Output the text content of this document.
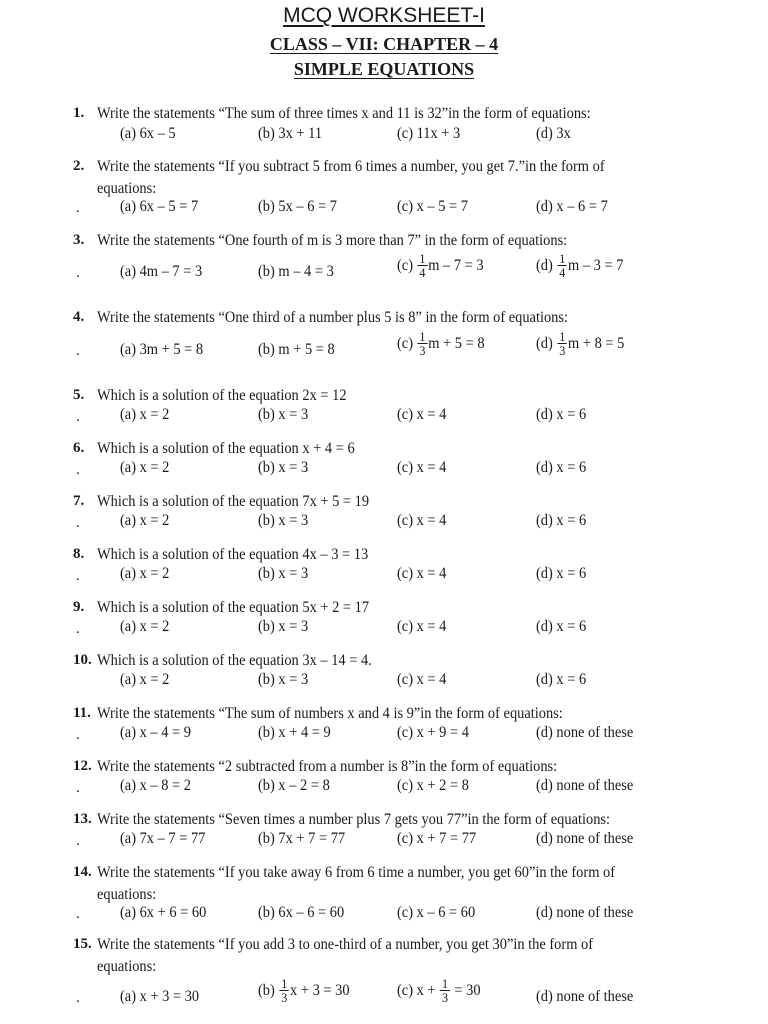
MCQ WORKSHEET-I
CLASS – VII: CHAPTER – 4
SIMPLE EQUATIONS
1. Write the statements “The sum of three times x and 11 is 32”in the form of equations:
(a) 6x – 5	(b) 3x + 11	(c) 11x + 3	(d) 3x
2. Write the statements “If you subtract 5 from 6 times a number, you get 7.”in the form of equations:
.	(a) 6x – 5 = 7	(b) 5x – 6 = 7	(c) x – 5 = 7	(d) x – 6 = 7
3. Write the statements “One fourth of m is 3 more than 7” in the form of equations:
.	(a) 4m – 7 = 3	(b) m – 4 = 3	$(c) \frac{1}{4}$ m – 7 = 3	$(d) \frac{1}{4}$ m – 3 = 7
4. Write the statements “One third of a number plus 5 is 8” in the form of equations:
.	(a) 3m + 5 = 8	(b) m + 5 = 8	$(c) \frac{1}{3}$ m + 5 = 8	$(d) \frac{1}{3}$ m + 8 = 5
5. Which is a solution of the equation 2x = 12
.	(a) x = 2	(b) x = 3	(c) x = 4	(d) x = 6
6. Which is a solution of the equation x + 4 = 6
.	(a) x = 2	(b) x = 3	(c) x = 4	(d) x = 6
7. Which is a solution of the equation 7x + 5 = 19
.	(a) x = 2	(b) x = 3	(c) x = 4	(d) x = 6
8. Which is a solution of the equation 4x – 3 = 13
.	(a) x = 2	(b) x = 3	(c) x = 4	(d) x = 6
9. Which is a solution of the equation 5x + 2 = 17
.	(a) x = 2	(b) x = 3	(c) x = 4	(d) x = 6
10. Which is a solution of the equation 3x – 14 = 4.
(a) x = 2	(b) x = 3	(c) x = 4	(d) x = 6
11. Write the statements “The sum of numbers x and 4 is 9”in the form of equations:
.	(a) x – 4 = 9	(b) x + 4 = 9	(c) x + 9 = 4	(d) none of these
12. Write the statements “2 subtracted from a number is 8”in the form of equations:
.	(a) x – 8 = 2	(b) x – 2 = 8	(c) x + 2 = 8	(d) none of these
13. Write the statements “Seven times a number plus 7 gets you 77”in the form of equations:
.	(a) 7x – 7 = 77	(b) 7x + 7 = 77	(c) x + 7 = 77	(d) none of these
14. Write the statements “If you take away 6 from 6 time a number, you get 60”in the form of equations:
.	(a) 6x + 6 = 60	(b) 6x – 6 = 60	(c) x – 6 = 60	(d) none of these
15. Write the statements “If you add 3 to one-third of a number, you get 30”in the form of equations:
.	(a) x + 3 = 30	$(b) \frac{1}{3}$ x + 3 = 30	(c) $x + \frac{1}{3} = 30$	(d) none of these
